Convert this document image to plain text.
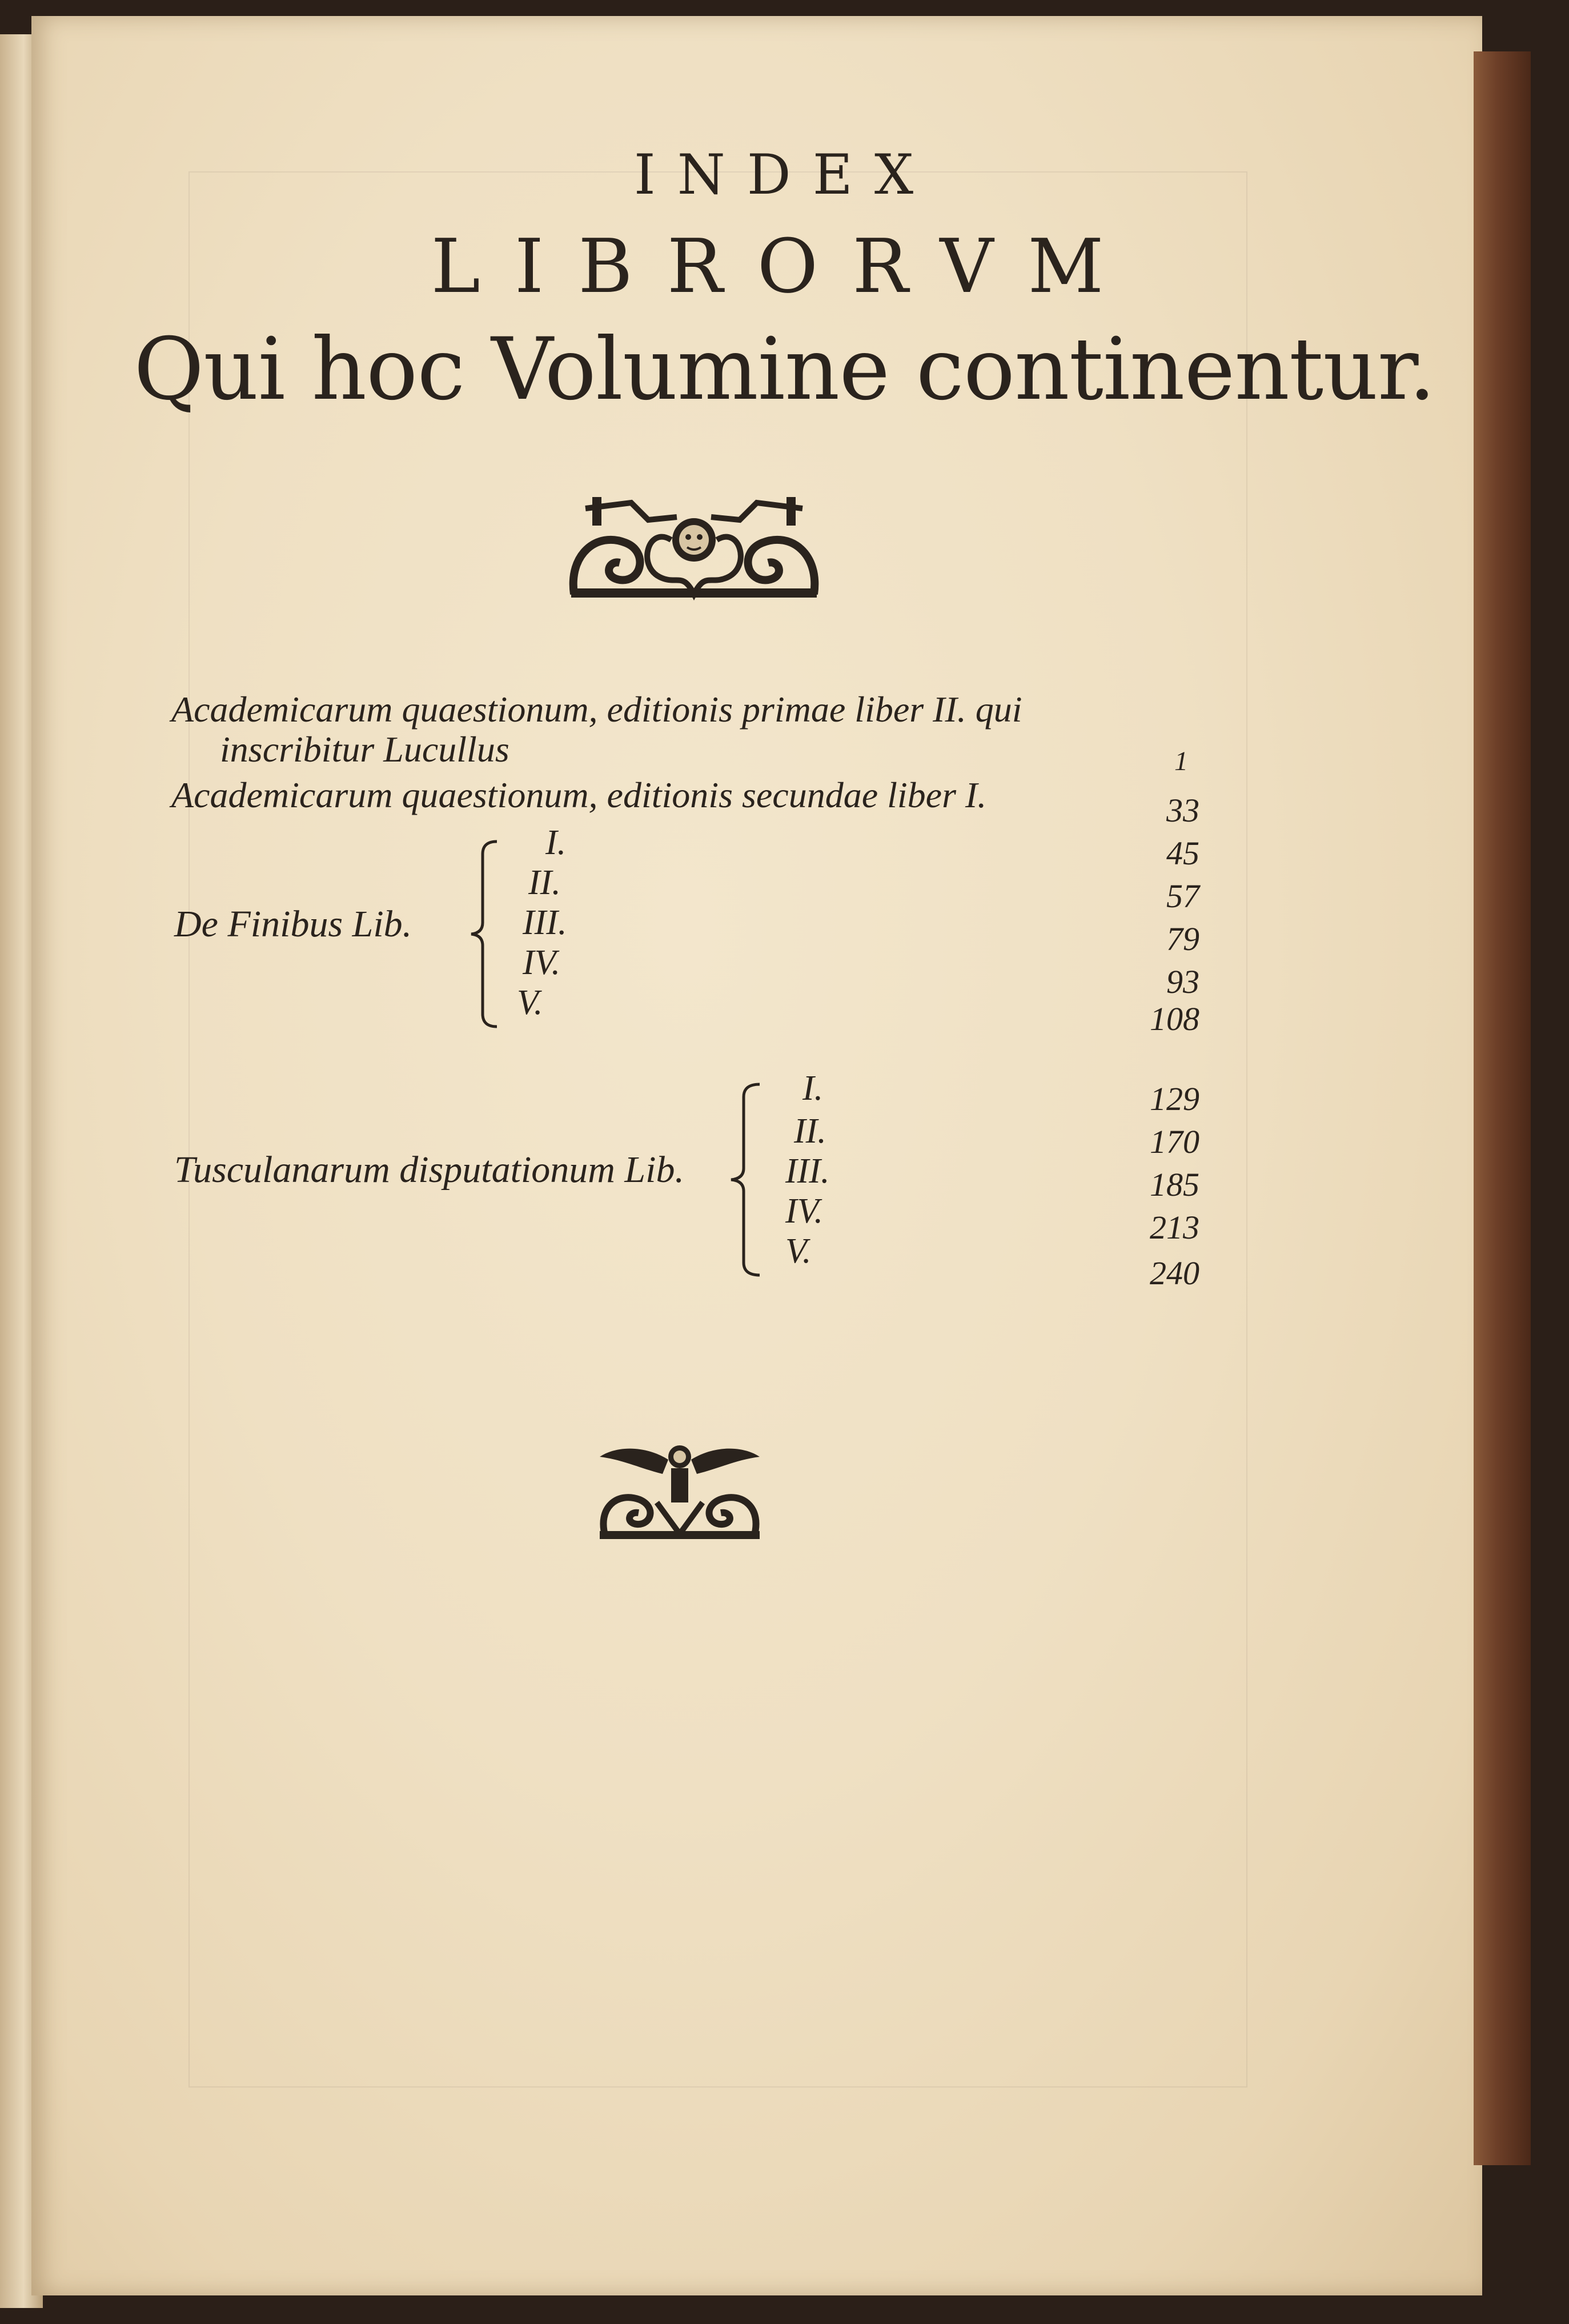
INDEX
LIBRORVM
Qui hoc Volumine continentur.
Academicarum quaestionum, editionis primae liber II. qui
inscribitur Lucullus	1
Academicarum quaestionum, editionis secundae liber I.	33
De Finibus Lib.
I.
II.
III.
IV.
V.
45
57
79
93
108
Tusculanarum disputationum Lib.
I.
II.
III.
IV.
V.
129
170
185
213
240
